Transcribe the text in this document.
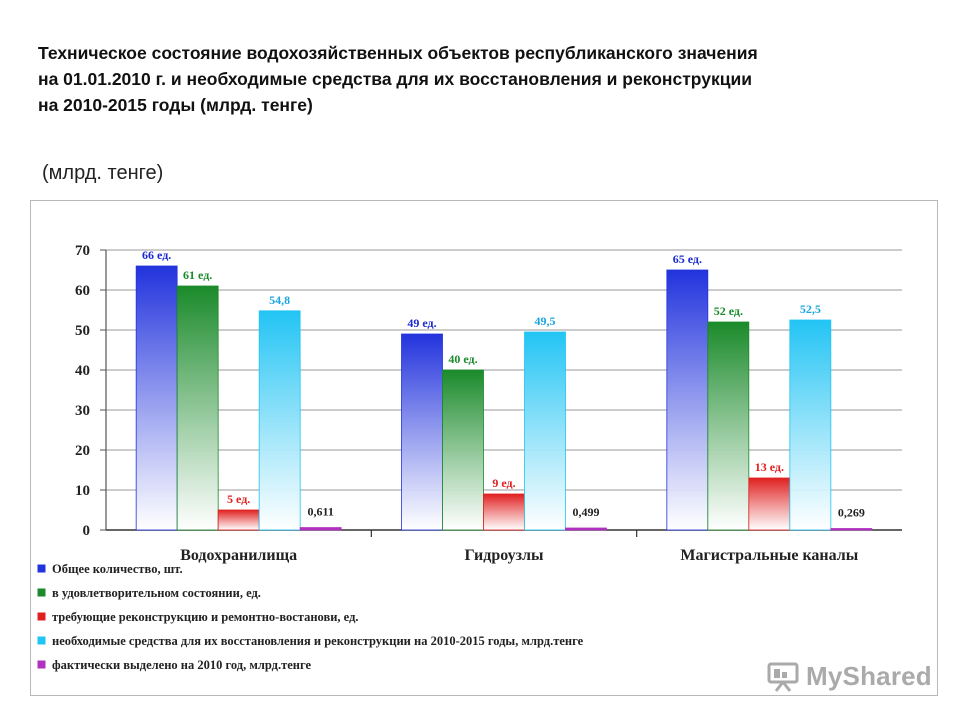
Техническое состояние водохозяйственных объектов республиканского значения
на 01.01.2010 г. и необходимые средства для их восстановления и реконструкции
на 2010-2015 годы (млрд. тенге)
(млрд. тенге)
0
10
20
30
40
50
60
70
Водохранилища	Гидроузлы	Магистральные каналы
66 ед.
61 ед.
5 ед.
54,8
0,611
49 ед.
40 ед.
9 ед.
49,5
0,499
65 ед.
52 ед.
13 ед.
52,5
0,269
Общее количество, шт.
в удовлетворительном состоянии, ед.
требующие реконструкцию и ремонтно-востанови, ед.
необходимые средства для их восстановления и реконструкции на 2010-2015 годы, млрд.тенге
фактически выделено на 2010 год, млрд.тенге	MyShared
